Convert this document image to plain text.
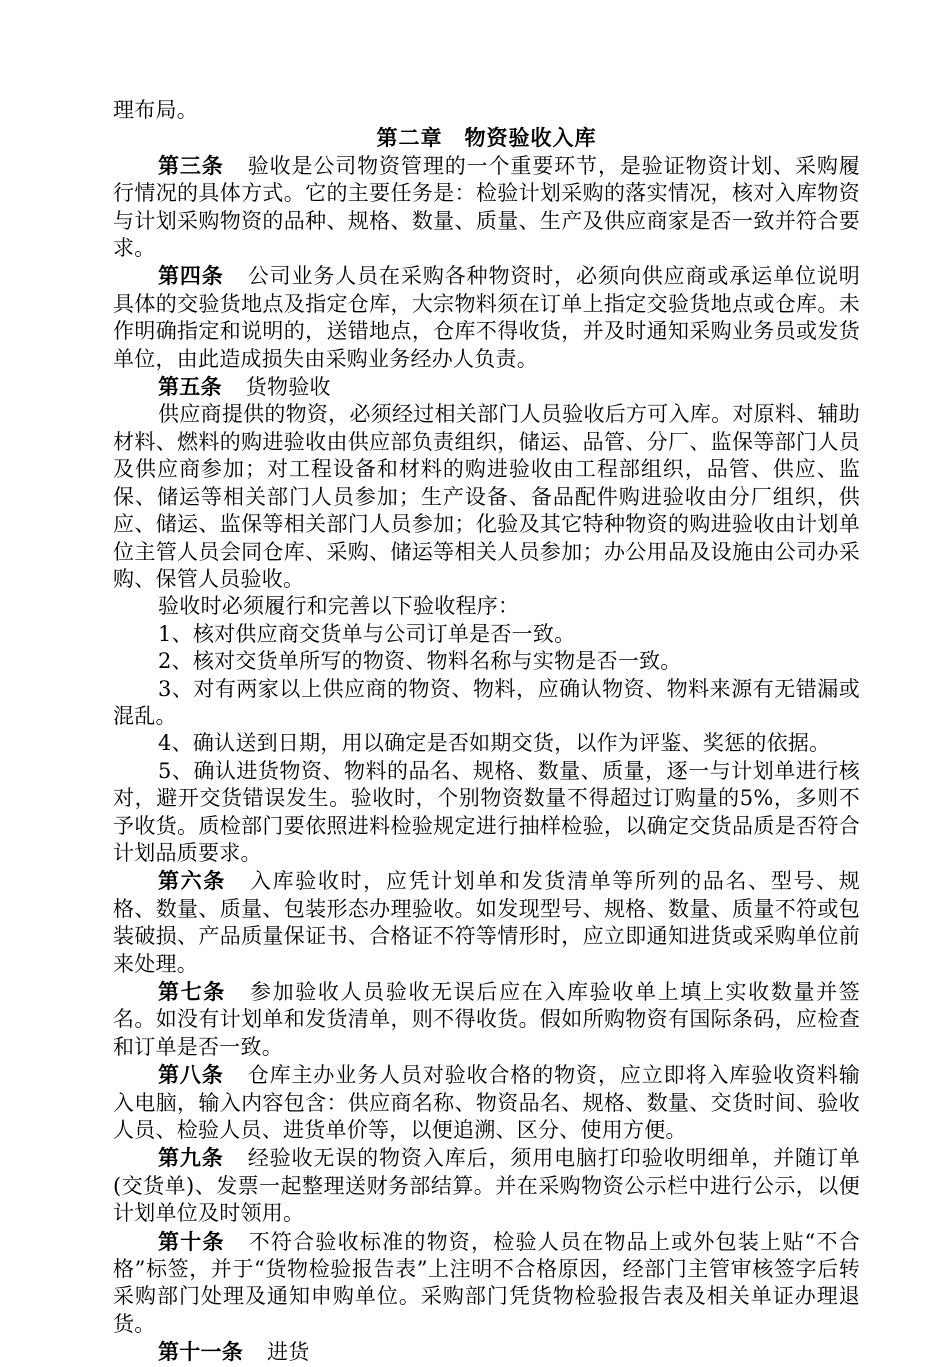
理布局。

第二章　物资验收入库

第三条 验收是公司物资管理的一个重要环节，是验证物资计划、采购履行情况的具体方式。它的主要任务是：检验计划采购的落实情况，核对入库物资与计划采购物资的品种、规格、数量、质量、生产及供应商家是否一致并符合要求。

第四条 公司业务人员在采购各种物资时，必须向供应商或承运单位说明具体的交验货地点及指定仓库，大宗物料须在订单上指定交验货地点或仓库。未作明确指定和说明的，送错地点，仓库不得收货，并及时通知采购业务员或发货单位，由此造成损失由采购业务经办人负责。

第五条 货物验收

供应商提供的物资，必须经过相关部门人员验收后方可入库。对原料、辅助材料、燃料的购进验收由供应部负责组织，储运、品管、分厂、监保等部门人员及供应商参加；对工程设备和材料的购进验收由工程部组织，品管、供应、监保、储运等相关部门人员参加；生产设备、备品配件购进验收由分厂组织，供应、储运、监保等相关部门人员参加；化验及其它特种物资的购进验收由计划单位主管人员会同仓库、采购、储运等相关人员参加；办公用品及设施由公司办采购、保管人员验收。

验收时必须履行和完善以下验收程序：

1、核对供应商交货单与公司订单是否一致。

2、核对交货单所写的物资、物料名称与实物是否一致。

3、对有两家以上供应商的物资、物料，应确认物资、物料来源有无错漏或混乱。

4、确认送到日期，用以确定是否如期交货，以作为评鉴、奖惩的依据。

5、确认进货物资、物料的品名、规格、数量、质量，逐一与计划单进行核对，避开交货错误发生。验收时，个别物资数量不得超过订购量的5%，多则不予收货。质检部门要依照进料检验规定进行抽样检验，以确定交货品质是否符合计划品质要求。

第六条 入库验收时，应凭计划单和发货清单等所列的品名、型号、规格、数量、质量、包装形态办理验收。如发现型号、规格、数量、质量不符或包装破损、产品质量保证书、合格证不符等情形时，应立即通知进货或采购单位前来处理。

第七条 参加验收人员验收无误后应在入库验收单上填上实收数量并签名。如没有计划单和发货清单，则不得收货。假如所购物资有国际条码，应检查和订单是否一致。

第八条 仓库主办业务人员对验收合格的物资，应立即将入库验收资料输入电脑，输入内容包含：供应商名称、物资品名、规格、数量、交货时间、验收人员、检验人员、进货单价等，以便追溯、区分、使用方便。

第九条 经验收无误的物资入库后，须用电脑打印验收明细单，并随订单(交货单)、发票一起整理送财务部结算。并在采购物资公示栏中进行公示，以便计划单位及时领用。

第十条 不符合验收标准的物资，检验人员在物品上或外包装上贴“不合格”标签，并于“货物检验报告表”上注明不合格原因，经部门主管审核签字后转采购部门处理及通知申购单位。采购部门凭货物检验报告表及相关单证办理退货。

第十一条 进货
